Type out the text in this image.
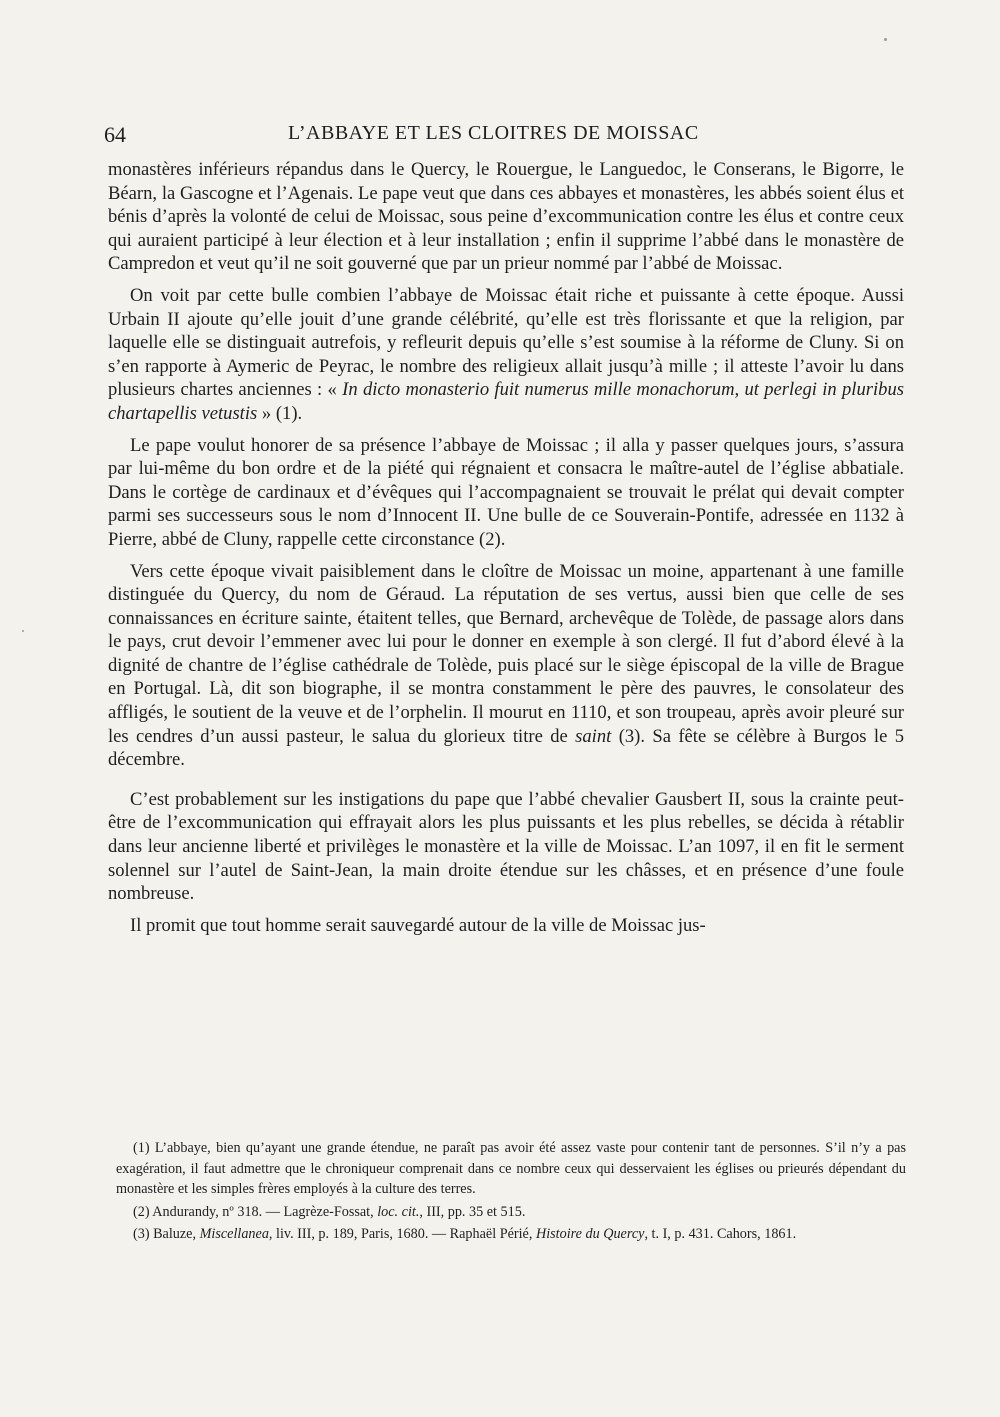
64	L’ABBAYE ET LES CLOITRES DE MOISSAC

monastères inférieurs répandus dans le Quercy, le Rouergue, le Languedoc, le Conserans, le Bigorre, le Béarn, la Gascogne et l’Agenais. Le pape veut que dans ces abbayes et monastères, les abbés soient élus et bénis d’après la volonté de celui de Moissac, sous peine d’excommunication contre les élus et contre ceux qui auraient participé à leur élection et à leur installation ; enfin il supprime l’abbé dans le monastère de Campredon et veut qu’il ne soit gouverné que par un prieur nommé par l’abbé de Moissac.

On voit par cette bulle combien l’abbaye de Moissac était riche et puissante à cette époque. Aussi Urbain II ajoute qu’elle jouit d’une grande célébrité, qu’elle est très florissante et que la religion, par laquelle elle se distinguait autrefois, y refleurit depuis qu’elle s’est soumise à la réforme de Cluny. Si on s’en rapporte à Aymeric de Peyrac, le nombre des religieux allait jusqu’à mille ; il atteste l’avoir lu dans plusieurs chartes anciennes : « In dicto monasterio fuit numerus mille monachorum, ut perlegi in pluribus chartapellis vetustis » (1).

Le pape voulut honorer de sa présence l’abbaye de Moissac ; il alla y passer quelques jours, s’assura par lui-même du bon ordre et de la piété qui régnaient et consacra le maître-autel de l’église abbatiale. Dans le cortège de cardinaux et d’évêques qui l’accompagnaient se trouvait le prélat qui devait compter parmi ses successeurs sous le nom d’Innocent II. Une bulle de ce Souverain-Pontife, adressée en 1132 à Pierre, abbé de Cluny, rappelle cette circonstance (2).

Vers cette époque vivait paisiblement dans le cloître de Moissac un moine, appartenant à une famille distinguée du Quercy, du nom de Géraud. La réputation de ses vertus, aussi bien que celle de ses connaissances en écriture sainte, étaitent telles, que Bernard, archevêque de Tolède, de passage alors dans le pays, crut devoir l’emmener avec lui pour le donner en exemple à son clergé. Il fut d’abord élevé à la dignité de chantre de l’église cathédrale de Tolède, puis placé sur le siège épiscopal de la ville de Brague en Portugal. Là, dit son biographe, il se montra constamment le père des pauvres, le consolateur des affligés, le soutient de la veuve et de l’orphelin. Il mourut en 1110, et son troupeau, après avoir pleuré sur les cendres d’un aussi pasteur, le salua du glorieux titre de saint (3). Sa fête se célèbre à Burgos le 5 décembre.

C’est probablement sur les instigations du pape que l’abbé chevalier Gausbert II, sous la crainte peut-être de l’excommunication qui effrayait alors les plus puissants et les plus rebelles, se décida à rétablir dans leur ancienne liberté et privilèges le monastère et la ville de Moissac. L’an 1097, il en fit le serment solennel sur l’autel de Saint-Jean, la main droite étendue sur les châsses, et en présence d’une foule nombreuse.

Il promit que tout homme serait sauvegardé autour de la ville de Moissac jus-

(1) L’abbaye, bien qu’ayant une grande étendue, ne paraît pas avoir été assez vaste pour contenir tant de personnes. S’il n’y a pas exagération, il faut admettre que le chroniqueur comprenait dans ce nombre ceux qui desservaient les églises ou prieurés dépendant du monastère et les simples frères employés à la culture des terres.

(2) Andurandy, nº 318. — Lagrèze-Fossat, loc. cit., III, pp. 35 et 515.

(3) Baluze, Miscellanea, liv. III, p. 189, Paris, 1680. — Raphaël Périé, Histoire du Quercy, t. I, p. 431. Cahors, 1861.
